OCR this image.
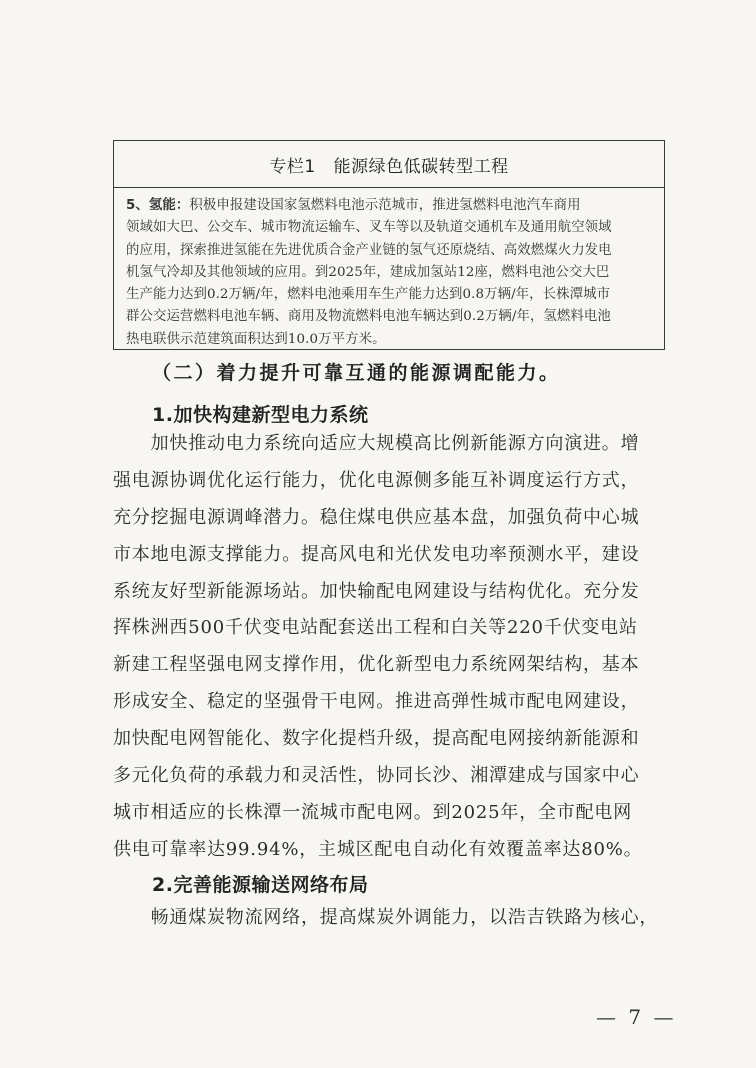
专栏1 能源绿色低碳转型工程
5、氢能：积极申报建设国家氢燃料电池示范城市，推进氢燃料电池汽车商用
领域如大巴、公交车、城市物流运输车、叉车等以及轨道交通机车及通用航空领域
的应用，探索推进氢能在先进优质合金产业链的氢气还原烧结、高效燃煤火力发电
机氢气冷却及其他领域的应用。到2025年，建成加氢站12座，燃料电池公交大巴
生产能力达到0.2万辆/年，燃料电池乘用车生产能力达到0.8万辆/年，长株潭城市
群公交运营燃料电池车辆、商用及物流燃料电池车辆达到0.2万辆/年，氢燃料电池
热电联供示范建筑面积达到10.0万平方米。
（二）着力提升可靠互通的能源调配能力。
1.加快构建新型电力系统
　　加快推动电力系统向适应大规模高比例新能源方向演进。增
强电源协调优化运行能力，优化电源侧多能互补调度运行方式，
充分挖掘电源调峰潜力。稳住煤电供应基本盘，加强负荷中心城
市本地电源支撑能力。提高风电和光伏发电功率预测水平，建设
系统友好型新能源场站。加快输配电网建设与结构优化。充分发
挥株洲西500千伏变电站配套送出工程和白关等220千伏变电站
新建工程坚强电网支撑作用，优化新型电力系统网架结构，基本
形成安全、稳定的坚强骨干电网。推进高弹性城市配电网建设，
加快配电网智能化、数字化提档升级，提高配电网接纳新能源和
多元化负荷的承载力和灵活性，协同长沙、湘潭建成与国家中心
城市相适应的长株潭一流城市配电网。到2025年，全市配电网
供电可靠率达99.94%，主城区配电自动化有效覆盖率达80%。
2.完善能源输送网络布局
　　畅通煤炭物流网络，提高煤炭外调能力，以浩吉铁路为核心，
— 7 —
